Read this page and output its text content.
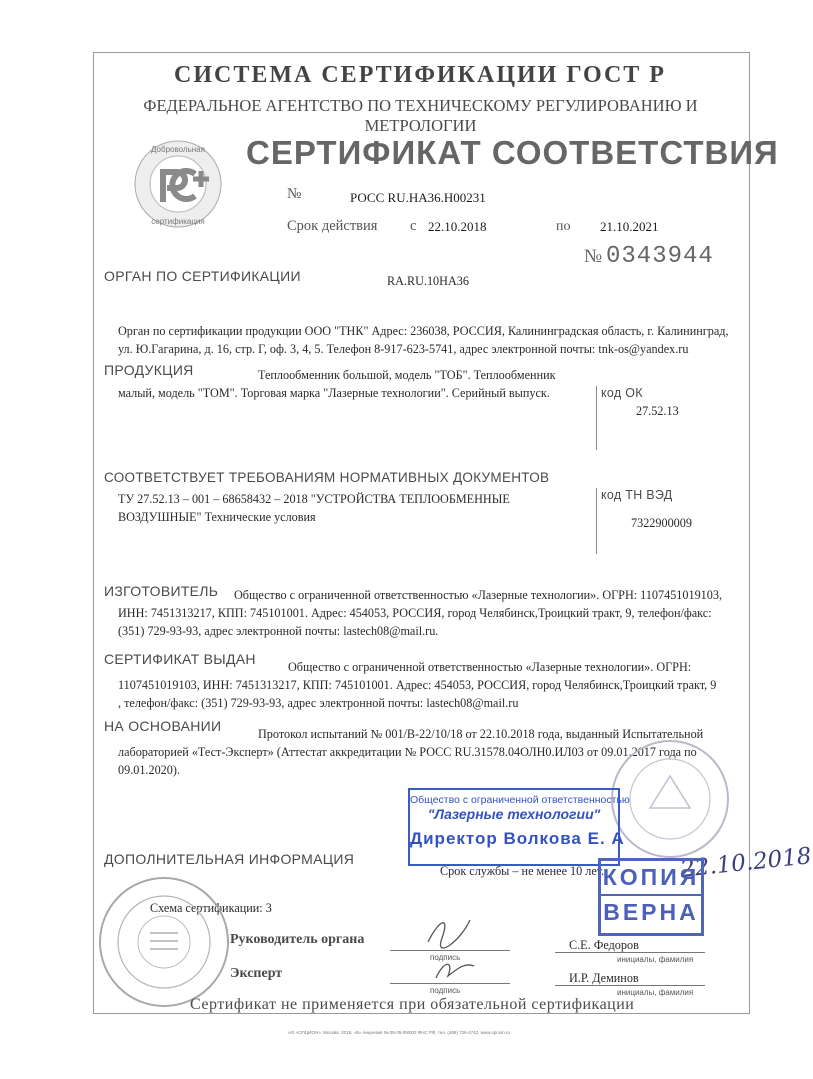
СИСТЕМА СЕРТИФИКАЦИИ ГОСТ Р
ФЕДЕРАЛЬНОЕ АГЕНТСТВО ПО ТЕХНИЧЕСКОМУ РЕГУЛИРОВАНИЮ И МЕТРОЛОГИИ
Добровольная
сертификация
СЕРТИФИКАТ СООТВЕТСТВИЯ
№	РОСС RU.HA36.H00231
Срок действия с 22.10.2018	по 21.10.2021
№ 0343944
ОРГАН ПО СЕРТИФИКАЦИИ	RA.RU.10HA36
Орган по сертификации продукции ООО "ТНК" Адрес: 236038, РОССИЯ, Калининградская область, г. Калининград,
ул. Ю.Гагарина, д. 16, стр. Г, оф. 3, 4, 5. Телефон 8-917-623-5741, адрес электронной почты: tnk-os@yandex.ru
ПРОДУКЦИЯ	Теплообменник большой, модель "ТОБ". Теплообменник
малый, модель "ТОМ". Торговая марка "Лазерные технологии". Серийный выпуск.	код ОК
27.52.13
СООТВЕТСТВУЕТ ТРЕБОВАНИЯМ НОРМАТИВНЫХ ДОКУМЕНТОВ
ТУ 27.52.13 – 001 – 68658432 – 2018 "УСТРОЙСТВА ТЕПЛООБМЕННЫЕ
ВОЗДУШНЫЕ" Технические условия
код ТН ВЭД
7322900009
ИЗГОТОВИТЕЛЬ Общество с ограниченной ответственностью «Лазерные технологии». ОГРН: 1107451019103,
ИНН: 7451313217, КПП: 745101001. Адрес: 454053, РОССИЯ, город Челябинск,Троицкий тракт, 9, телефон/факс:
(351) 729-93-93, адрес электронной почты: lastech08@mail.ru.
СЕРТИФИКАТ ВЫДАН	Общество с ограниченной ответственностью «Лазерные технологии». ОГРН:
1107451019103, ИНН: 7451313217, КПП: 745101001. Адрес: 454053, РОССИЯ, город Челябинск,Троицкий тракт, 9
, телефон/факс: (351) 729-93-93, адрес электронной почты: lastech08@mail.ru
НА ОСНОВАНИИ	Протокол испытаний № 001/В-22/10/18 от 22.10.2018 года, выданный Испытательной
лабораторией «Тест-Эксперт» (Аттестат аккредитации № РОСС RU.31578.04ОЛН0.ИЛ03 от 09.01.2017 года по
09.01.2020).
ДОПОЛНИТЕЛЬНАЯ ИНФОРМАЦИЯ
Общество с ограниченной ответственностью
"Лазерные технологии"
Директор Волкова Е. А
Срок службы – не менее 10 лет.	22.10.2018
КОПИЯ
ВЕРНА
Схема сертификации: 3
Руководитель органа
подпись
С.Е. Федоров
инициалы, фамилия
Эксперт
подпись
И.Р. Деминов
инициалы, фамилия
Сертификат не применяется при обязательной сертификации
АО «ОПЦИОН», Москва, 2018, «Б» лицензия № 05-05-09/003 ФНС РФ, тел. (495) 726-4742, www.opcion.ru
